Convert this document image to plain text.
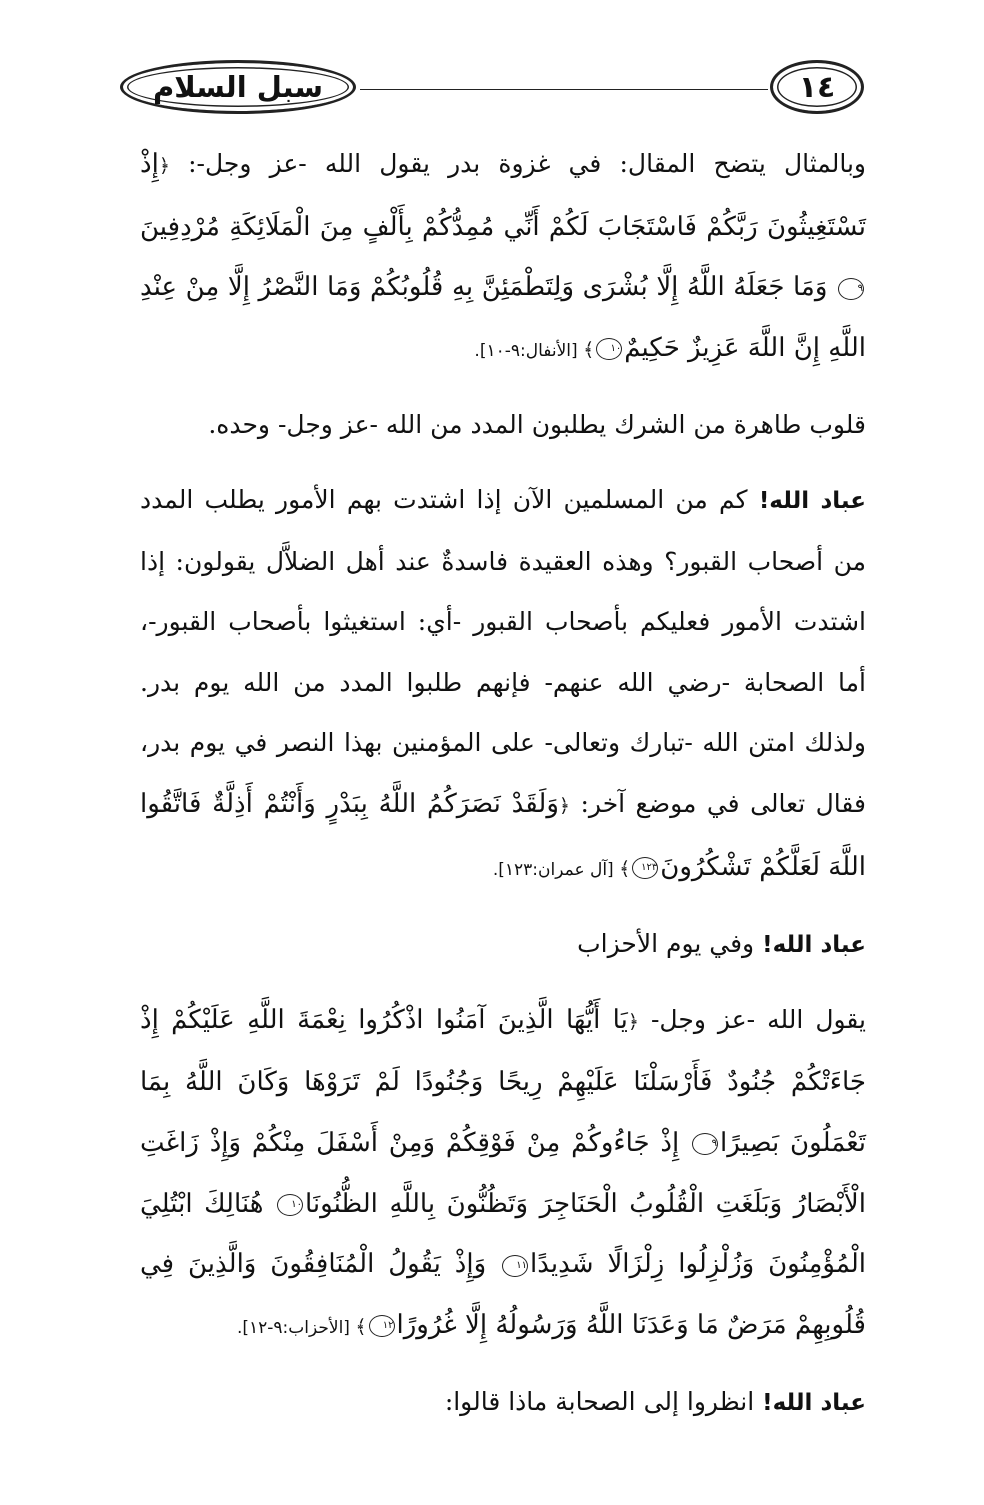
سبل السلام	١٤

وبالمثال يتضح المقال: في غزوة بدر يقول الله -عز وجل-: ﴿إِذْ تَسْتَغِيثُونَ رَبَّكُمْ فَاسْتَجَابَ لَكُمْ أَنِّي مُمِدُّكُمْ بِأَلْفٍ مِنَ الْمَلَائِكَةِ مُرْدِفِينَ٩ وَمَا جَعَلَهُ اللَّهُ إِلَّا بُشْرَى وَلِتَطْمَئِنَّ بِهِ قُلُوبُكُمْ وَمَا النَّصْرُ إِلَّا مِنْ عِنْدِ اللَّهِ إِنَّ اللَّهَ عَزِيزٌ حَكِيمٌ١٠﴾ [الأنفال:٩-١٠].

قلوب طاهرة من الشرك يطلبون المدد من الله -عز وجل- وحده.

عباد الله! كم من المسلمين الآن إذا اشتدت بهم الأمور يطلب المدد من أصحاب القبور؟ وهذه العقيدة فاسدةٌ عند أهل الضلاَّل يقولون: إذا اشتدت الأمور فعليكم بأصحاب القبور -أي: استغيثوا بأصحاب القبور-، أما الصحابة -رضي الله عنهم- فإنهم طلبوا المدد من الله يوم بدر. ولذلك امتن الله -تبارك وتعالى- على المؤمنين بهذا النصر في يوم بدر، فقال تعالى في موضع آخر: ﴿وَلَقَدْ نَصَرَكُمُ اللَّهُ بِبَدْرٍ وَأَنْتُمْ أَذِلَّةٌ فَاتَّقُوا اللَّهَ لَعَلَّكُمْ تَشْكُرُونَ١٢٣﴾ [آل عمران:١٢٣].

عباد الله! وفي يوم الأحزاب

يقول الله -عز وجل- ﴿يَا أَيُّهَا الَّذِينَ آمَنُوا اذْكُرُوا نِعْمَةَ اللَّهِ عَلَيْكُمْ إِذْ جَاءَتْكُمْ جُنُودٌ فَأَرْسَلْنَا عَلَيْهِمْ رِيحًا وَجُنُودًا لَمْ تَرَوْهَا وَكَانَ اللَّهُ بِمَا تَعْمَلُونَ بَصِيرًا٩ إِذْ جَاءُوكُمْ مِنْ فَوْقِكُمْ وَمِنْ أَسْفَلَ مِنْكُمْ وَإِذْ زَاغَتِ الْأَبْصَارُ وَبَلَغَتِ الْقُلُوبُ الْحَنَاجِرَ وَتَظُنُّونَ بِاللَّهِ الظُّنُونَا١٠ هُنَالِكَ ابْتُلِيَ الْمُؤْمِنُونَ وَزُلْزِلُوا زِلْزَالًا شَدِيدًا١١ وَإِذْ يَقُولُ الْمُنَافِقُونَ وَالَّذِينَ فِي قُلُوبِهِمْ مَرَضٌ مَا وَعَدَنَا اللَّهُ وَرَسُولُهُ إِلَّا غُرُورًا١٢﴾ [الأحزاب:٩-١٢].

عباد الله! انظروا إلى الصحابة ماذا قالوا:
